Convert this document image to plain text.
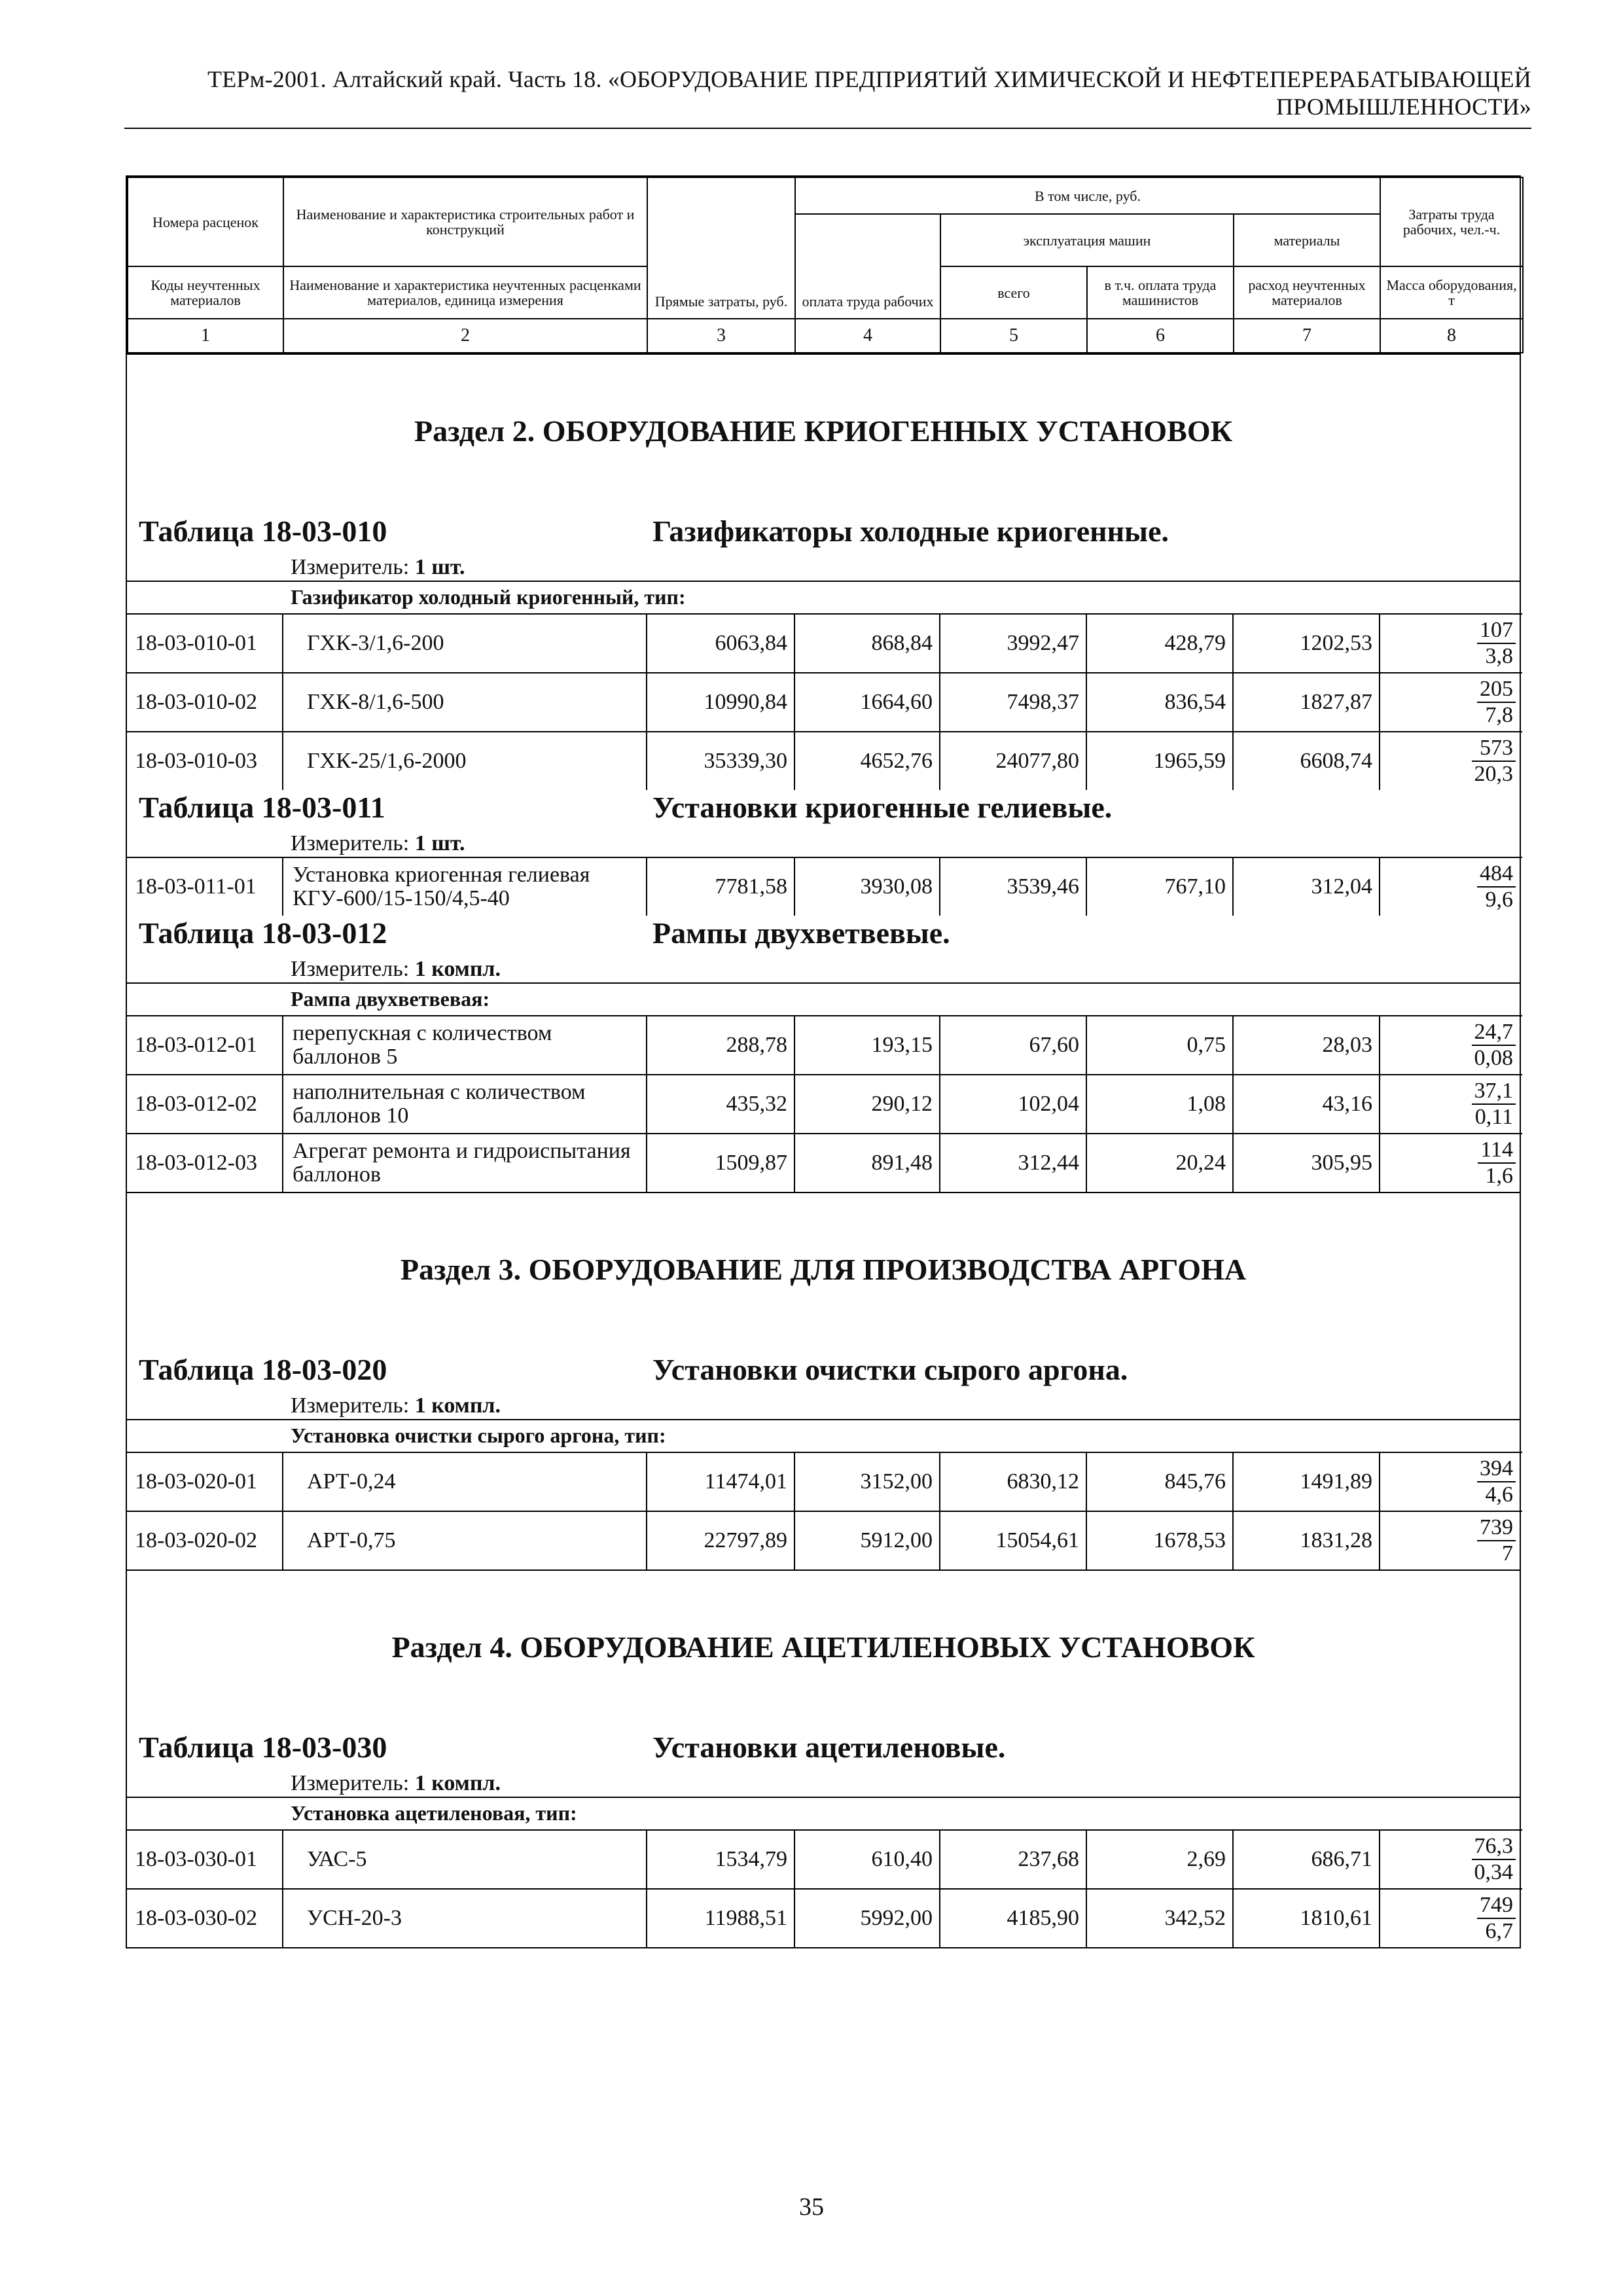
ТЕРм-2001. Алтайский край. Часть 18. «ОБОРУДОВАНИЕ ПРЕДПРИЯТИЙ ХИМИЧЕСКОЙ И НЕФТЕПЕРЕРАБАТЫВАЮЩЕЙ
ПРОМЫШЛЕННОСТИ»
Номера расценок	Наименование и характеристика строительных работ и конструкций	Прямые затраты, руб.	В том числе, руб.				Затраты труда рабочих, чел.-ч.
			оплата труда рабочих	эксплуатация машин		материалы	
Коды неучтенных материалов	Наименование и характеристика неучтенных расценками материалов, единица измерения			всего	в т.ч. оплата труда машинистов	расход неучтенных материалов	Масса оборудования, т
1	2	3	4	5	6	7	8
Раздел 2. ОБОРУДОВАНИЕ КРИОГЕННЫХ УСТАНОВОК
Таблица 18-03-010	Газификаторы холодные криогенные.
Измеритель: 1 шт.
Газификатор холодный криогенный, тип:
18-03-010-01	ГХК-3/1,6-200	6063,84	868,84	3992,47	428,79	1202,53	$\frac{107}{3,8}$

18-03-010-02	ГХК-8/1,6-500	10990,84	1664,60	7498,37	836,54	1827,87	$\frac{205}{7,8}$

18-03-010-03	ГХК-25/1,6-2000	35339,30	4652,76	24077,80	1965,59	6608,74	$\frac{573}{20,3}$
Таблица 18-03-011	Установки криогенные гелиевые.
Измеритель: 1 шт.
18-03-011-01	Установка криогенная гелиевая КГУ-600/15-150/4,5-40	7781,58	3930,08	3539,46	767,10	312,04	$\frac{484}{9,6}$
Таблица 18-03-012	Рампы двухветвевые.
Измеритель: 1 компл.
Рампа двухветвевая:
18-03-012-01	перепускная с количеством баллонов 5	288,78	193,15	67,60	0,75	28,03	$\frac{24,7}{0,08}$

18-03-012-02	наполнительная с количеством баллонов 10	435,32	290,12	102,04	1,08	43,16	$\frac{37,1}{0,11}$

18-03-012-03	Агрегат ремонта и гидроиспытания баллонов	1509,87	891,48	312,44	20,24	305,95	$\frac{114}{1,6}$
Раздел 3. ОБОРУДОВАНИЕ ДЛЯ ПРОИЗВОДСТВА АРГОНА
Таблица 18-03-020	Установки очистки сырого аргона.
Измеритель: 1 компл.
Установка очистки сырого аргона, тип:
18-03-020-01	АРТ-0,24	11474,01	3152,00	6830,12	845,76	1491,89	$\frac{394}{4,6}$

18-03-020-02	АРТ-0,75	22797,89	5912,00	15054,61	1678,53	1831,28	$\frac{739}{7}$
Раздел 4. ОБОРУДОВАНИЕ АЦЕТИЛЕНОВЫХ УСТАНОВОК
Таблица 18-03-030	Установки ацетиленовые.
Измеритель: 1 компл.
Установка ацетиленовая, тип:
18-03-030-01	УАС-5	1534,79	610,40	237,68	2,69	686,71	$\frac{76,3}{0,34}$

18-03-030-02	УСН-20-3	11988,51	5992,00	4185,90	342,52	1810,61	$\frac{749}{6,7}$
35
